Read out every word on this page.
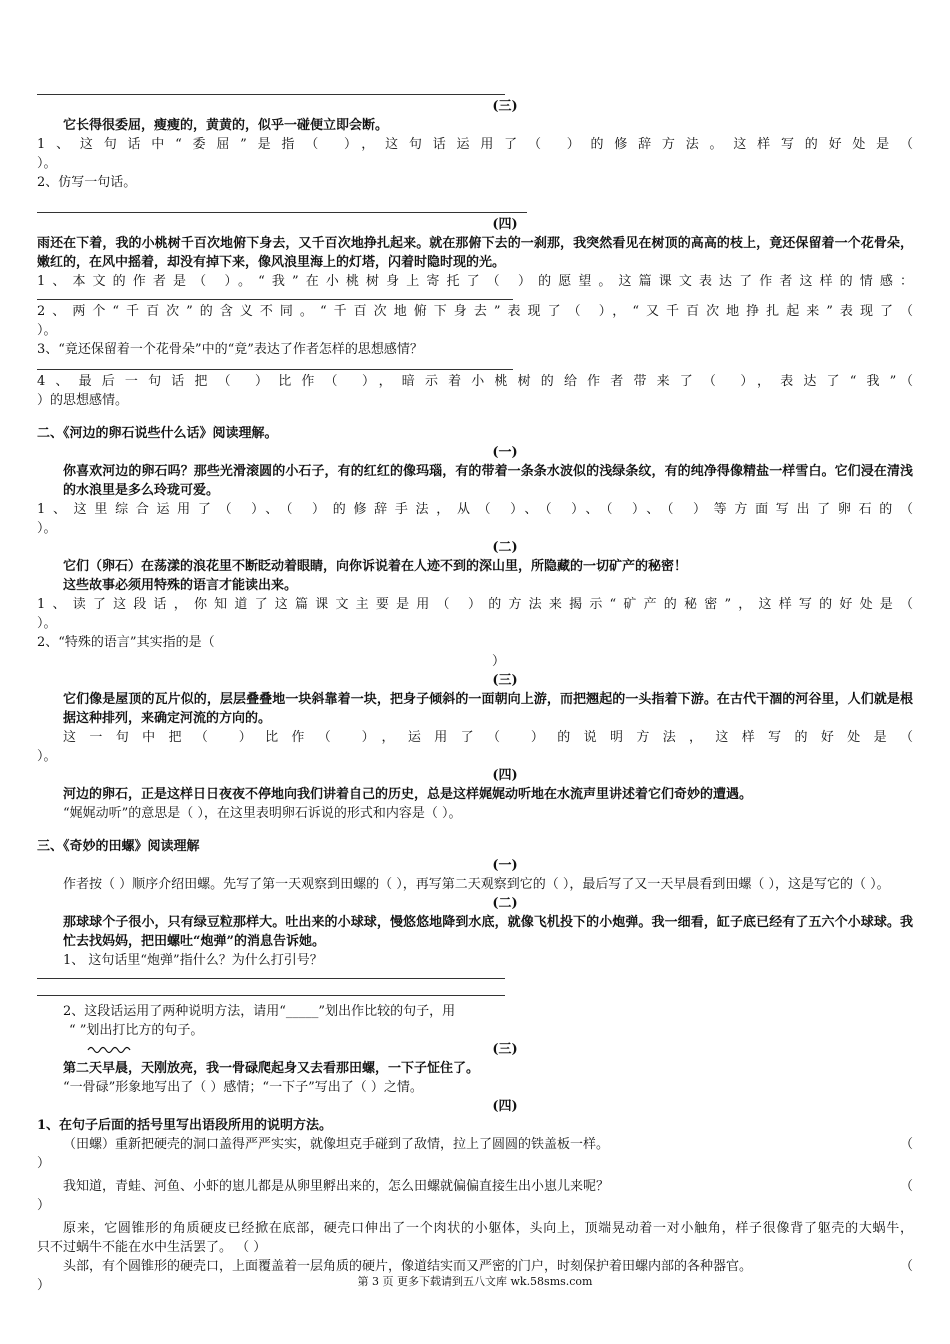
(三)
它长得很委屈，瘦瘦的，黄黄的，似乎一碰便立即会断。
1、这句话中“委屈”是指（ ），这句话运用了（ ）的修辞方法。这样写的好处是（
）。
2、仿写一句话。
(四)
雨还在下着，我的小桃树千百次地俯下身去，又千百次地挣扎起来。就在那俯下去的一刹那，我突然看见在树顶的高高的枝上，竟还保留着一个花骨朵，嫩红的，在风中摇着，却没有掉下来，像风浪里海上的灯塔，闪着时隐时现的光。
1、本文的作者是（ ）。“我”在小桃树身上寄托了（ ）的愿望。这篇课文表达了作者这样的情感：
2、两个“千百次”的含义不同。“千百次地俯下身去”表现了（ ），“又千百次地挣扎起来”表现了（
）。
3、“竟还保留着一个花骨朵”中的“竟”表达了作者怎样的思想感情？
4、最后一句话把（ ）比作（ ），暗示着小桃树的给作者带来了（ ），表达了“我”（
）的思想感情。
二、《河边的卵石说些什么话》阅读理解。
(一)
你喜欢河边的卵石吗？那些光滑滚圆的小石子，有的红红的像玛瑙，有的带着一条条水波似的浅绿条纹，有的纯净得像精盐一样雪白。它们浸在清浅的水浪里是多么玲珑可爱。
1、这里综合运用了（ ）、（ ）的修辞手法，从（ ）、（ ）、（ ）、（ ）等方面写出了卵石的（
）。
(二)
它们（卵石）在荡漾的浪花里不断眨动着眼睛，向你诉说着在人迹不到的深山里，所隐藏的一切矿产的秘密！
这些故事必须用特殊的语言才能读出来。
1、读了这段话，你知道了这篇课文主要是用（ ）的方法来揭示“矿产的秘密”，这样写的好处是（
）。
2、“特殊的语言”其实指的是（
）
(三)
它们像是屋顶的瓦片似的，层层叠叠地一块斜靠着一块，把身子倾斜的一面朝向上游，而把翘起的一头指着下游。在古代干涸的河谷里，人们就是根据这种排列，来确定河流的方向的。
这一句中把（ ）比作（ ），运用了（ ）的说明方法，这样写的好处是（
）。
(四)
河边的卵石，正是这样日日夜夜不停地向我们讲着自己的历史，总是这样娓娓动听地在水流声里讲述着它们奇妙的遭遇。
“娓娓动听”的意思是（ ），在这里表明卵石诉说的形式和内容是（ ）。
三、《奇妙的田螺》阅读理解
(一)
作者按（ ）顺序介绍田螺。先写了第一天观察到田螺的（ ），再写第二天观察到它的（ ），最后写了又一天早晨看到田螺（ ），这是写它的（ ）。
(二)
那球球个子很小，只有绿豆粒那样大。吐出来的小球球，慢悠悠地降到水底，就像飞机投下的小炮弹。我一细看，缸子底已经有了五六个小球球。我忙去找妈妈，把田螺吐“炮弹”的消息告诉她。
1、 这句话里“炮弹”指什么？为什么打引号？
2、这段话运用了两种说明方法，请用“_____”划出作比较的句子，用
“ ”划出打比方的句子。
(三)
第二天早晨，天刚放亮，我一骨碌爬起身又去看那田螺，一下子怔住了。
“一骨碌”形象地写出了（ ）感情；“一下子”写出了（ ）之情。
(四)
1、在句子后面的括号里写出语段所用的说明方法。
（田螺）重新把硬壳的洞口盖得严严实实，就像坦克手碰到了敌情，拉上了圆圆的铁盖板一样。	（
）
我知道，青蛙、河鱼、小虾的崽儿都是从卵里孵出来的，怎么田螺就偏偏直接生出小崽儿来呢？	（
）
原来，它圆锥形的角质硬皮已经掀在底部，硬壳口伸出了一个肉状的小躯体，头向上，顶端晃动着一对小触角，样子很像背了躯壳的大蜗牛，
只不过蜗牛不能在水中生活罢了。 （ ）
头部，有个圆锥形的硬壳口，上面覆盖着一层角质的硬片，像道结实而又严密的门户，时刻保护着田螺内部的各种器官。	（
）	第 3 页 更多下载请到五八文库 wk.58sms.com
